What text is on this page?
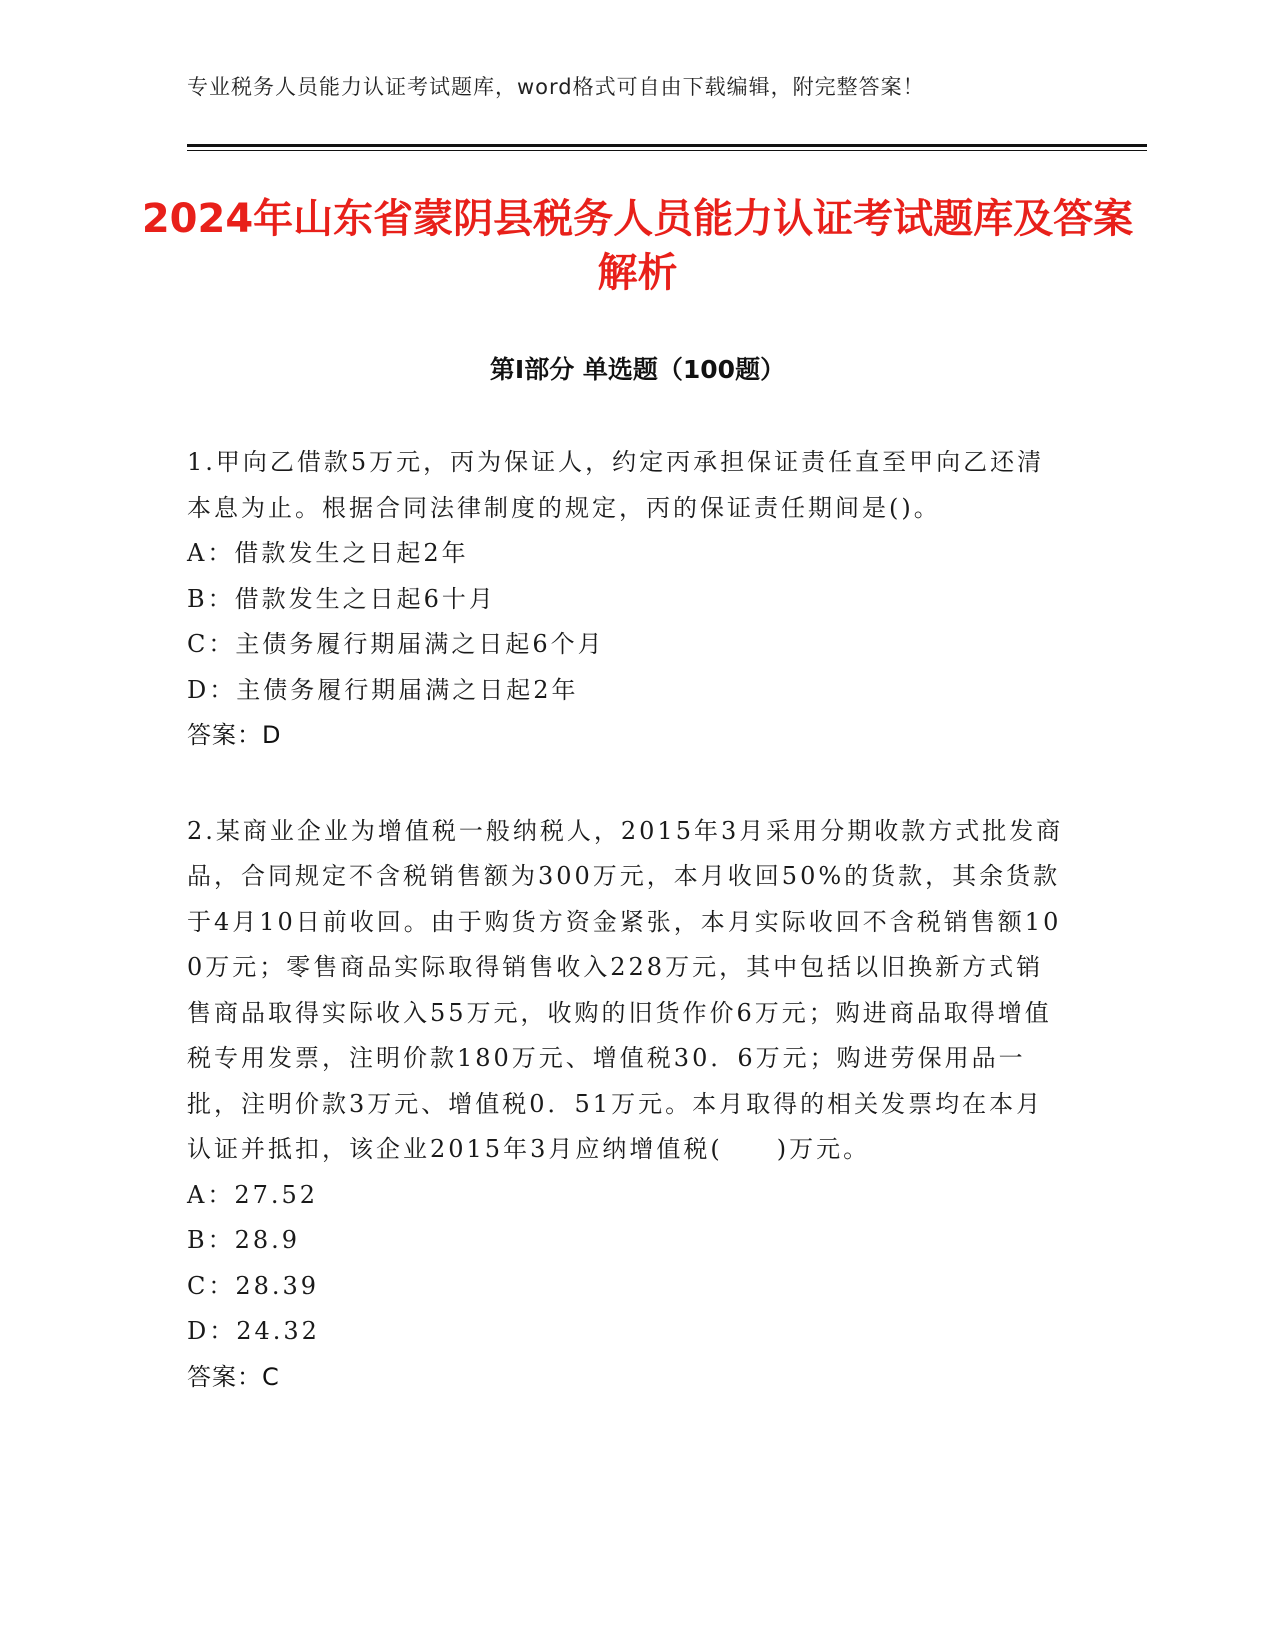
专业税务人员能力认证考试题库，word格式可自由下载编辑，附完整答案！
2024年山东省蒙阴县税务人员能力认证考试题库及答案解析
第I部分 单选题（100题）

1.甲向乙借款5万元，丙为保证人，约定丙承担保证责任直至甲向乙还清本息为止。根据合同法律制度的规定，丙的保证责任期间是()。

A：借款发生之日起2年

B：借款发生之日起6十月

C：主债务履行期届满之日起6个月

D：主债务履行期届满之日起2年

答案：D

2.某商业企业为增值税一般纳税人，2015年3月采用分期收款方式批发商品，合同规定不含税销售额为300万元，本月收回50%的货款，其余货款于4月10日前收回。由于购货方资金紧张，本月实际收回不含税销售额100万元；零售商品实际取得销售收入228万元，其中包括以旧换新方式销售商品取得实际收入55万元，收购的旧货作价6万元；购进商品取得增值税专用发票，注明价款180万元、增值税30．6万元；购进劳保用品一批，注明价款3万元、增值税0．51万元。本月取得的相关发票均在本月认证并抵扣，该企业2015年3月应纳增值税(　　)万元。

A：27.52

B：28.9

C：28.39

D：24.32

答案：C
